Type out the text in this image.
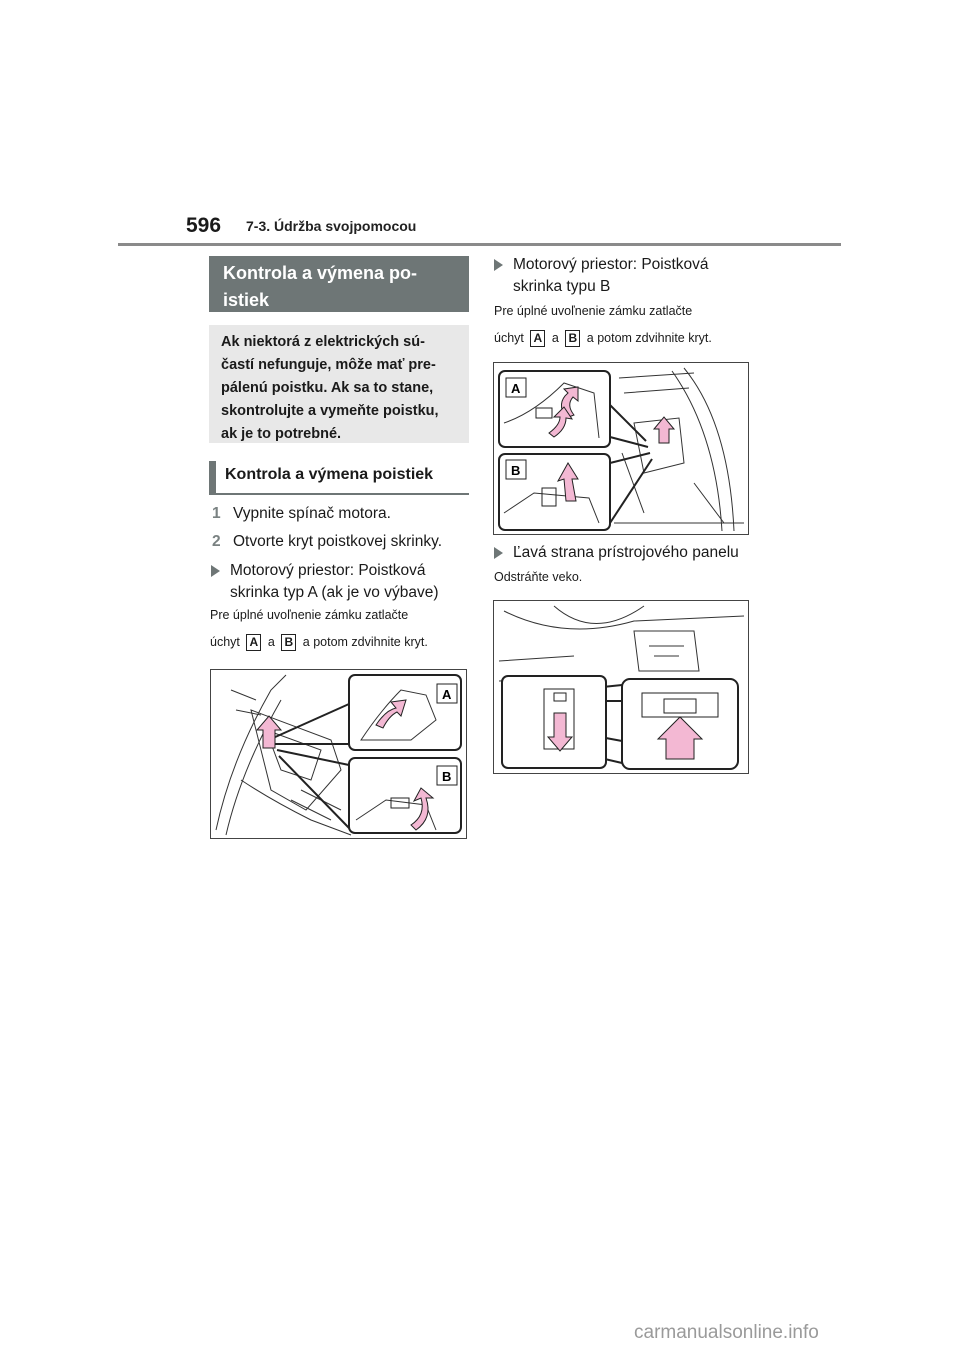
596 7-3. Údržba svojpomocou
Kontrola a výmena po-
istiek
Ak niektorá z elektrických sú-
častí nefunguje, môže mať pre-
pálenú poistku. Ak sa to stane,
skontrolujte a vymeňte poistku,
ak je to potrebné.
Kontrola a výmena poistiek
1 Vypnite spínač motora.
2 Otvorte kryt poistkovej skrinky.
Motorový priestor: Poistková
skrinka typ A (ak je vo výbave)
Pre úplné uvoľnenie zámku zatlačte
úchyt A a B a potom zdvihnite kryt.
A
B
Motorový priestor: Poistková
skrinka typu B
Pre úplné uvoľnenie zámku zatlačte
úchyt A a B a potom zdvihnite kryt.
A
B
Ľavá strana prístrojového panelu
Odstráňte veko.
carmanualsonline.info
